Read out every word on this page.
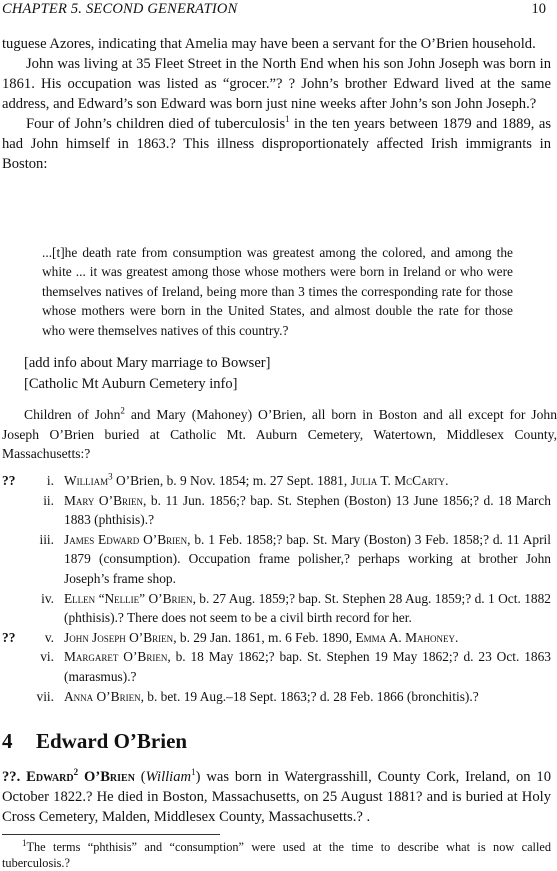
CHAPTER 5. SECOND GENERATION	10

tuguese Azores, indicating that Amelia may have been a servant for the O’Brien household.

John was living at 35 Fleet Street in the North End when his son John Joseph was born in 1861. His occupation was listed as “grocer.”? ? John’s brother Edward lived at the same address, and Edward’s son Edward was born just nine weeks after John’s son John Joseph.?

Four of John’s children died of tuberculosis$^1$ in the ten years between 1879 and 1889, as had John himself in 1863.? This illness disproportionately affected Irish immigrants in Boston:

...[t]he death rate from consumption was greatest among the colored, and among the white ... it was greatest among those whose mothers were born in Ireland or who were themselves natives of Ireland, being more than 3 times the corresponding rate for those whose mothers were born in the United States, and almost double the rate for those who were themselves natives of this country.?

[add info about Mary marriage to Bowser]
[Catholic Mt Auburn Cemetery info]

Children of John$^2$ and Mary (Mahoney) O’Brien, all born in Boston and all except for John Joseph O’Brien buried at Catholic Mt. Auburn Cemetery, Watertown, Middlesex County, Massachusetts:?

??	i. William$^3$ O’Brien, b. 9 Nov. 1854; m. 27 Sept. 1881, Julia T. McCarty.
ii. Mary O’Brien, b. 11 Jun. 1856;? bap. St. Stephen (Boston) 13 June 1856;? d. 18 March 1883 (phthisis).?
iii. James Edward O’Brien, b. 1 Feb. 1858;? bap. St. Mary (Boston) 3 Feb. 1858;? d. 11 April 1879 (consumption). Occupation frame polisher,? perhaps working at brother John Joseph’s frame shop.
iv. Ellen “Nellie” O’Brien, b. 27 Aug. 1859;? bap. St. Stephen 28 Aug. 1859;? d. 1 Oct. 1882 (phthisis).? There does not seem to be a civil birth record for her.
??	v. John Joseph O’Brien, b. 29 Jan. 1861, m. 6 Feb. 1890, Emma A. Mahoney.
vi. Margaret O’Brien, b. 18 May 1862;? bap. St. Stephen 19 May 1862;? d. 23 Oct. 1863 (marasmus).?
vii. Anna O’Brien, b. bet. 19 Aug.–18 Sept. 1863;? d. 28 Feb. 1866 (bronchitis).?
4 Edward O’Brien

??. Edward$^2$ O’Brien (William$^1$) was born in Watergrasshill, County Cork, Ireland, on 10 October 1822.? He died in Boston, Massachusetts, on 25 August 1881? and is buried at Holy Cross Cemetery, Malden, Middlesex County, Massachusetts.? .

$^1$The terms “phthisis” and “consumption” were used at the time to describe what is now called tuberculosis.?
